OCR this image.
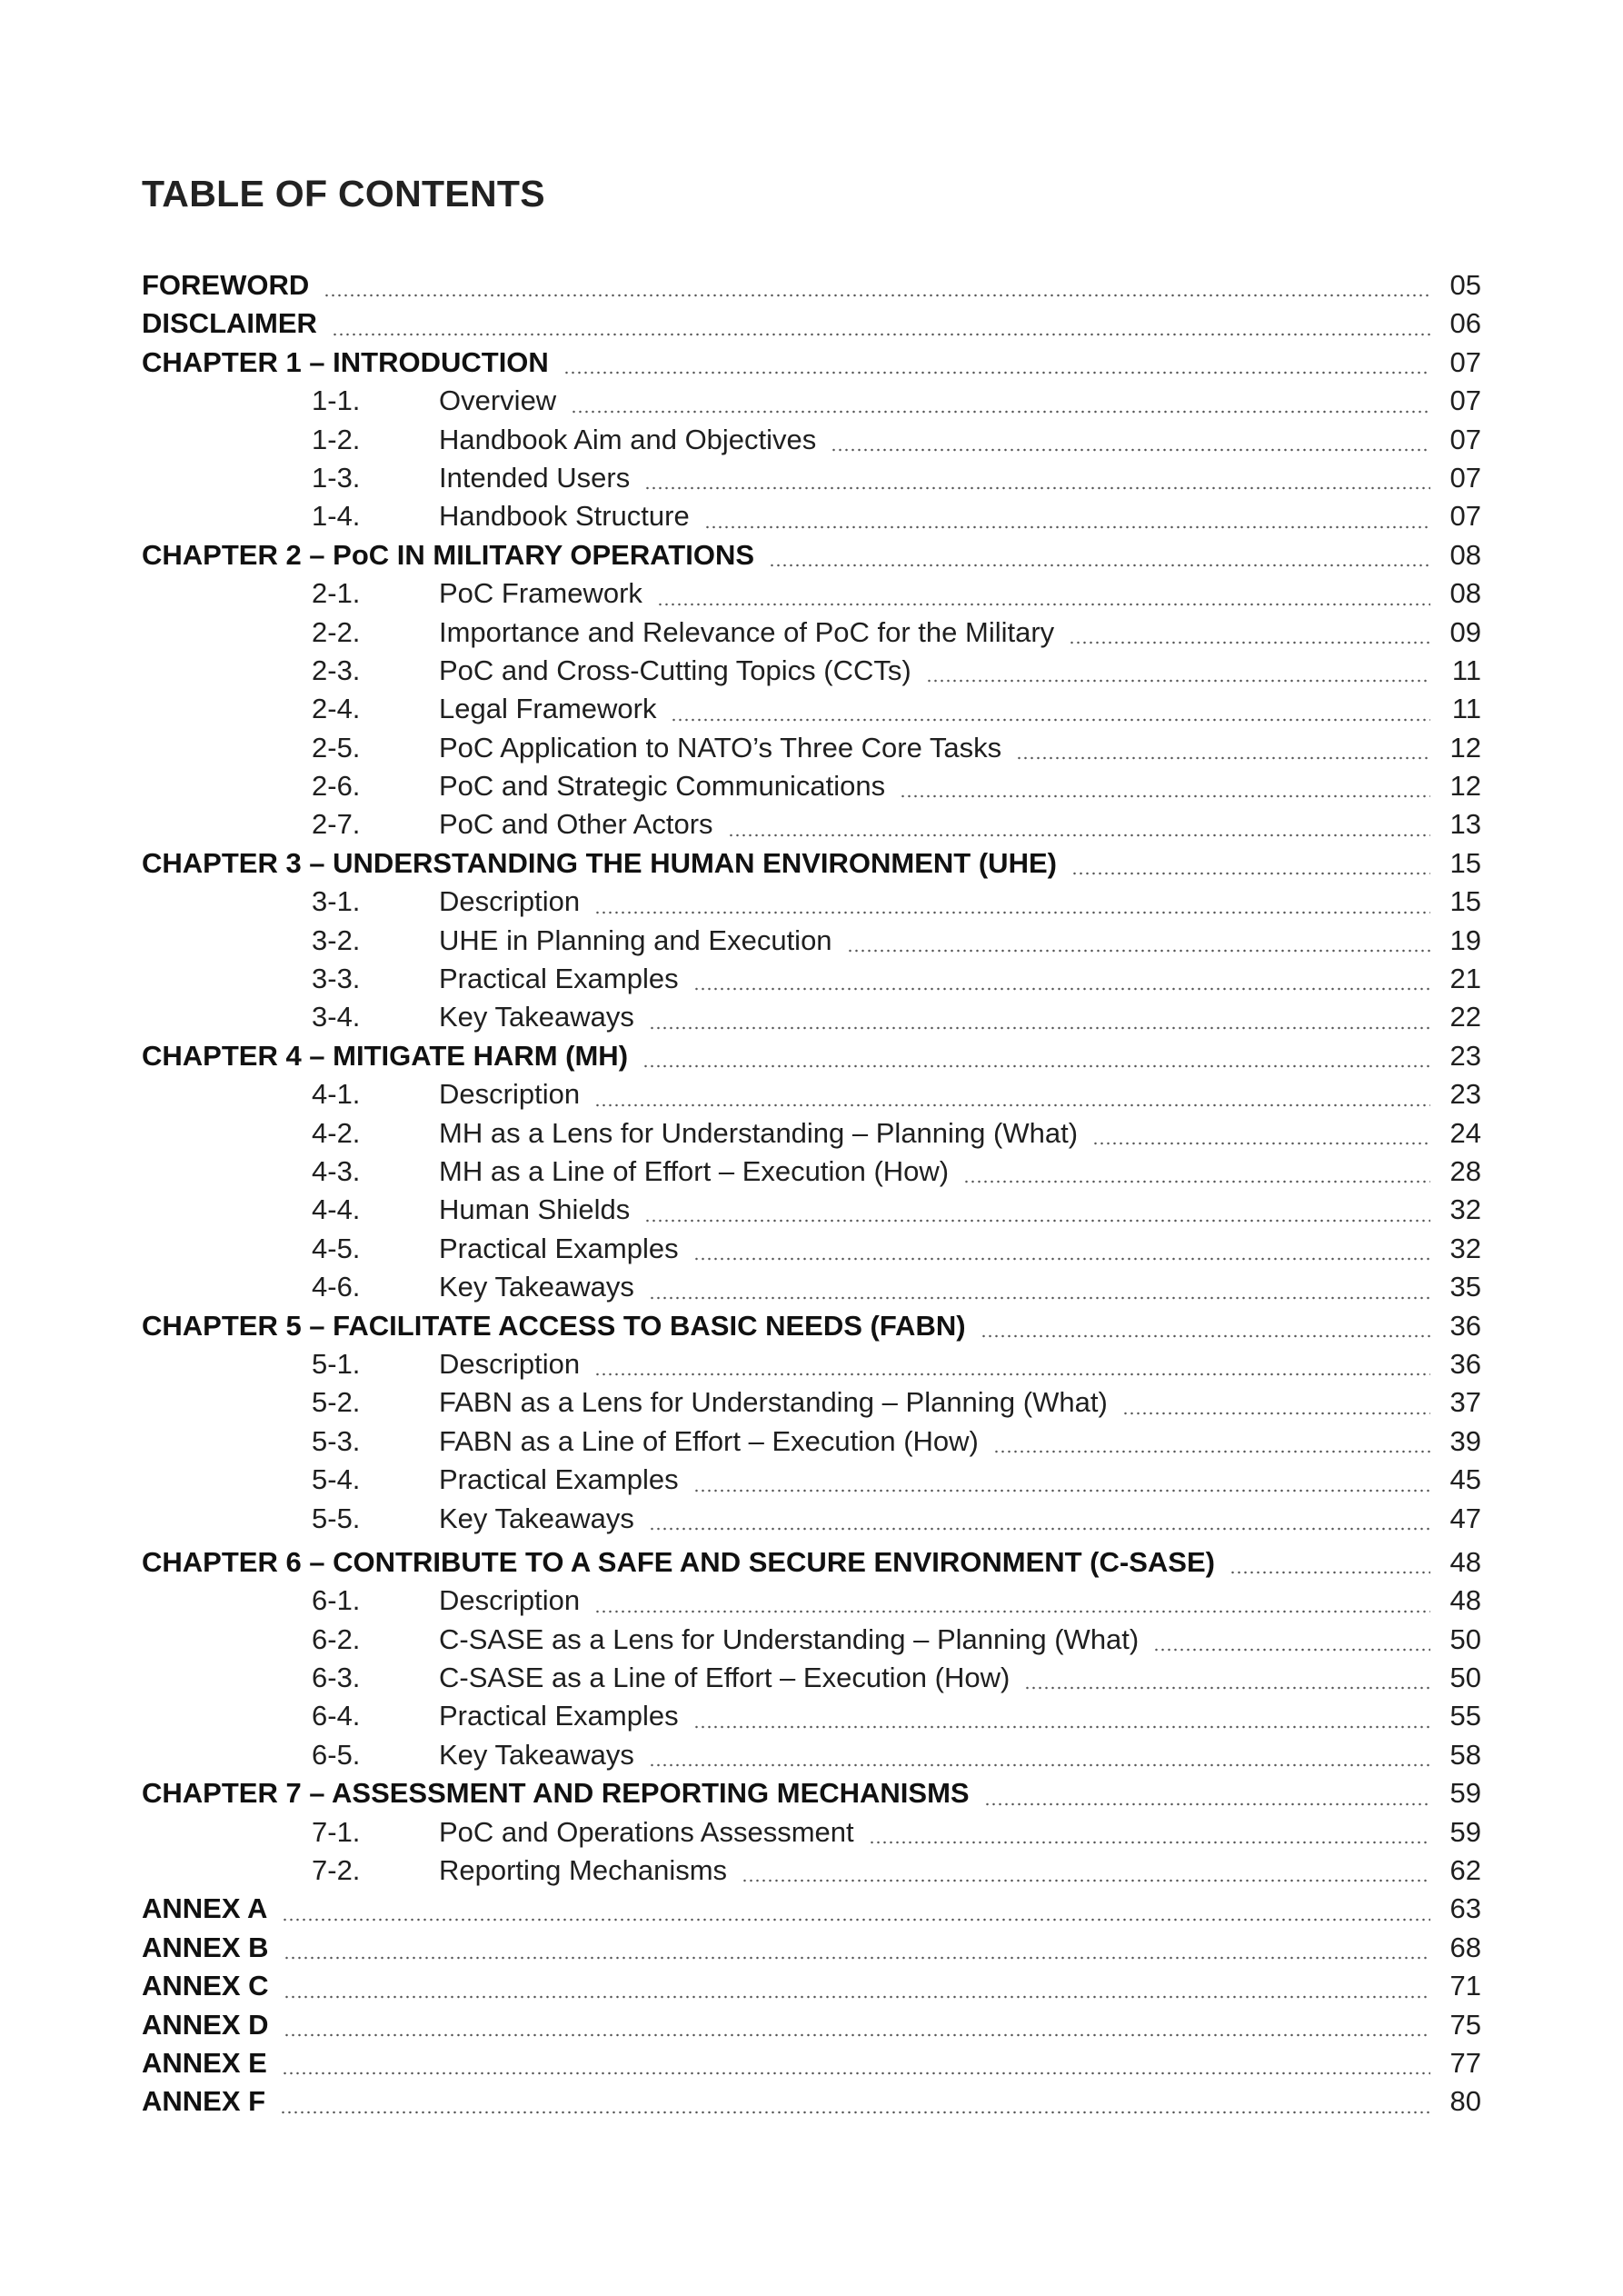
TABLE OF CONTENTS
FOREWORD	05
DISCLAIMER	06
CHAPTER 1 – INTRODUCTION	07
1-1.	Overview	07
1-2.	Handbook Aim and Objectives	07
1-3.	Intended Users	07
1-4.	Handbook Structure	07
CHAPTER 2 – PoC IN MILITARY OPERATIONS	08
2-1.	PoC Framework	08
2-2.	Importance and Relevance of PoC for the Military	09
2-3.	PoC and Cross-Cutting Topics (CCTs)	11
2-4.	Legal Framework	11
2-5.	PoC Application to NATO’s Three Core Tasks	12
2-6.	PoC and Strategic Communications	12
2-7.	PoC and Other Actors	13
CHAPTER 3 – UNDERSTANDING THE HUMAN ENVIRONMENT (UHE)	15
3-1.	Description	15
3-2.	UHE in Planning and Execution	19
3-3.	Practical Examples	21
3-4.	Key Takeaways	22
CHAPTER 4 – MITIGATE HARM (MH)	23
4-1.	Description	23
4-2.	MH as a Lens for Understanding – Planning (What)	24
4-3.	MH as a Line of Effort – Execution (How)	28
4-4.	Human Shields	32
4-5.	Practical Examples	32
4-6.	Key Takeaways	35
CHAPTER 5 – FACILITATE ACCESS TO BASIC NEEDS (FABN)	36
5-1.	Description	36
5-2.	FABN as a Lens for Understanding – Planning (What)	37
5-3.	FABN as a Line of Effort – Execution (How)	39
5-4.	Practical Examples	45
5-5.	Key Takeaways	47
CHAPTER 6 – CONTRIBUTE TO A SAFE AND SECURE ENVIRONMENT (C-SASE)	48
6-1.	Description	48
6-2.	C-SASE as a Lens for Understanding – Planning (What)	50
6-3.	C-SASE as a Line of Effort – Execution (How)	50
6-4.	Practical Examples	55
6-5.	Key Takeaways	58
CHAPTER 7 – ASSESSMENT AND REPORTING MECHANISMS	59
7-1.	PoC and Operations Assessment	59
7-2.	Reporting Mechanisms	62
ANNEX A	63
ANNEX B	68
ANNEX C	71
ANNEX D	75
ANNEX E	77
ANNEX F	80
